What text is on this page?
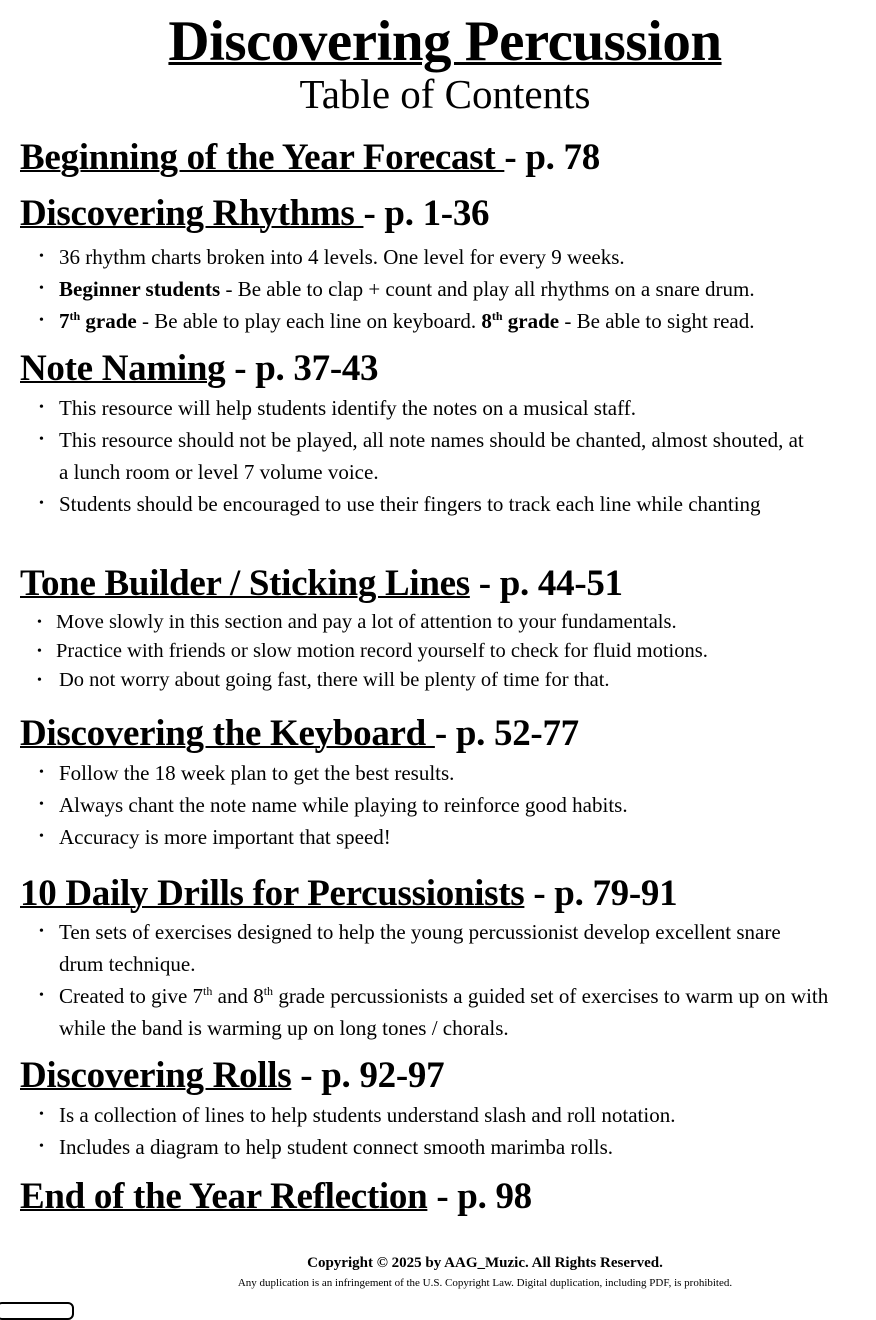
Discovering Percussion
Table of Contents
Beginning of the Year Forecast - p. 78
Discovering Rhythms - p. 1-36
• 36 rhythm charts broken into 4 levels. One level for every 9 weeks.
• Beginner students - Be able to clap + count and play all rhythms on a snare drum.
• 7th grade - Be able to play each line on keyboard. 8th grade - Be able to sight read.
Note Naming - p. 37-43
• This resource will help students identify the notes on a musical staff.
• This resource should not be played, all note names should be chanted, almost shouted, at a lunch room or level 7 volume voice.
• Students should be encouraged to use their fingers to track each line while chanting
Tone Builder / Sticking Lines - p. 44-51
• Move slowly in this section and pay a lot of attention to your fundamentals.
• Practice with friends or slow motion record yourself to check for fluid motions.
• Do not worry about going fast, there will be plenty of time for that.
Discovering the Keyboard - p. 52-77
• Follow the 18 week plan to get the best results.
• Always chant the note name while playing to reinforce good habits.
• Accuracy is more important that speed!
10 Daily Drills for Percussionists - p. 79-91
• Ten sets of exercises designed to help the young percussionist develop excellent snare drum technique.
• Created to give 7th and 8th grade percussionists a guided set of exercises to warm up on with while the band is warming up on long tones / chorals.
Discovering Rolls - p. 92-97
• Is a collection of lines to help students understand slash and roll notation.
• Includes a diagram to help student connect smooth marimba rolls.
End of the Year Reflection - p. 98
Copyright © 2025 by AAG_Muzic. All Rights Reserved.
Any duplication is an infringement of the U.S. Copyright Law. Digital duplication, including PDF, is prohibited.
